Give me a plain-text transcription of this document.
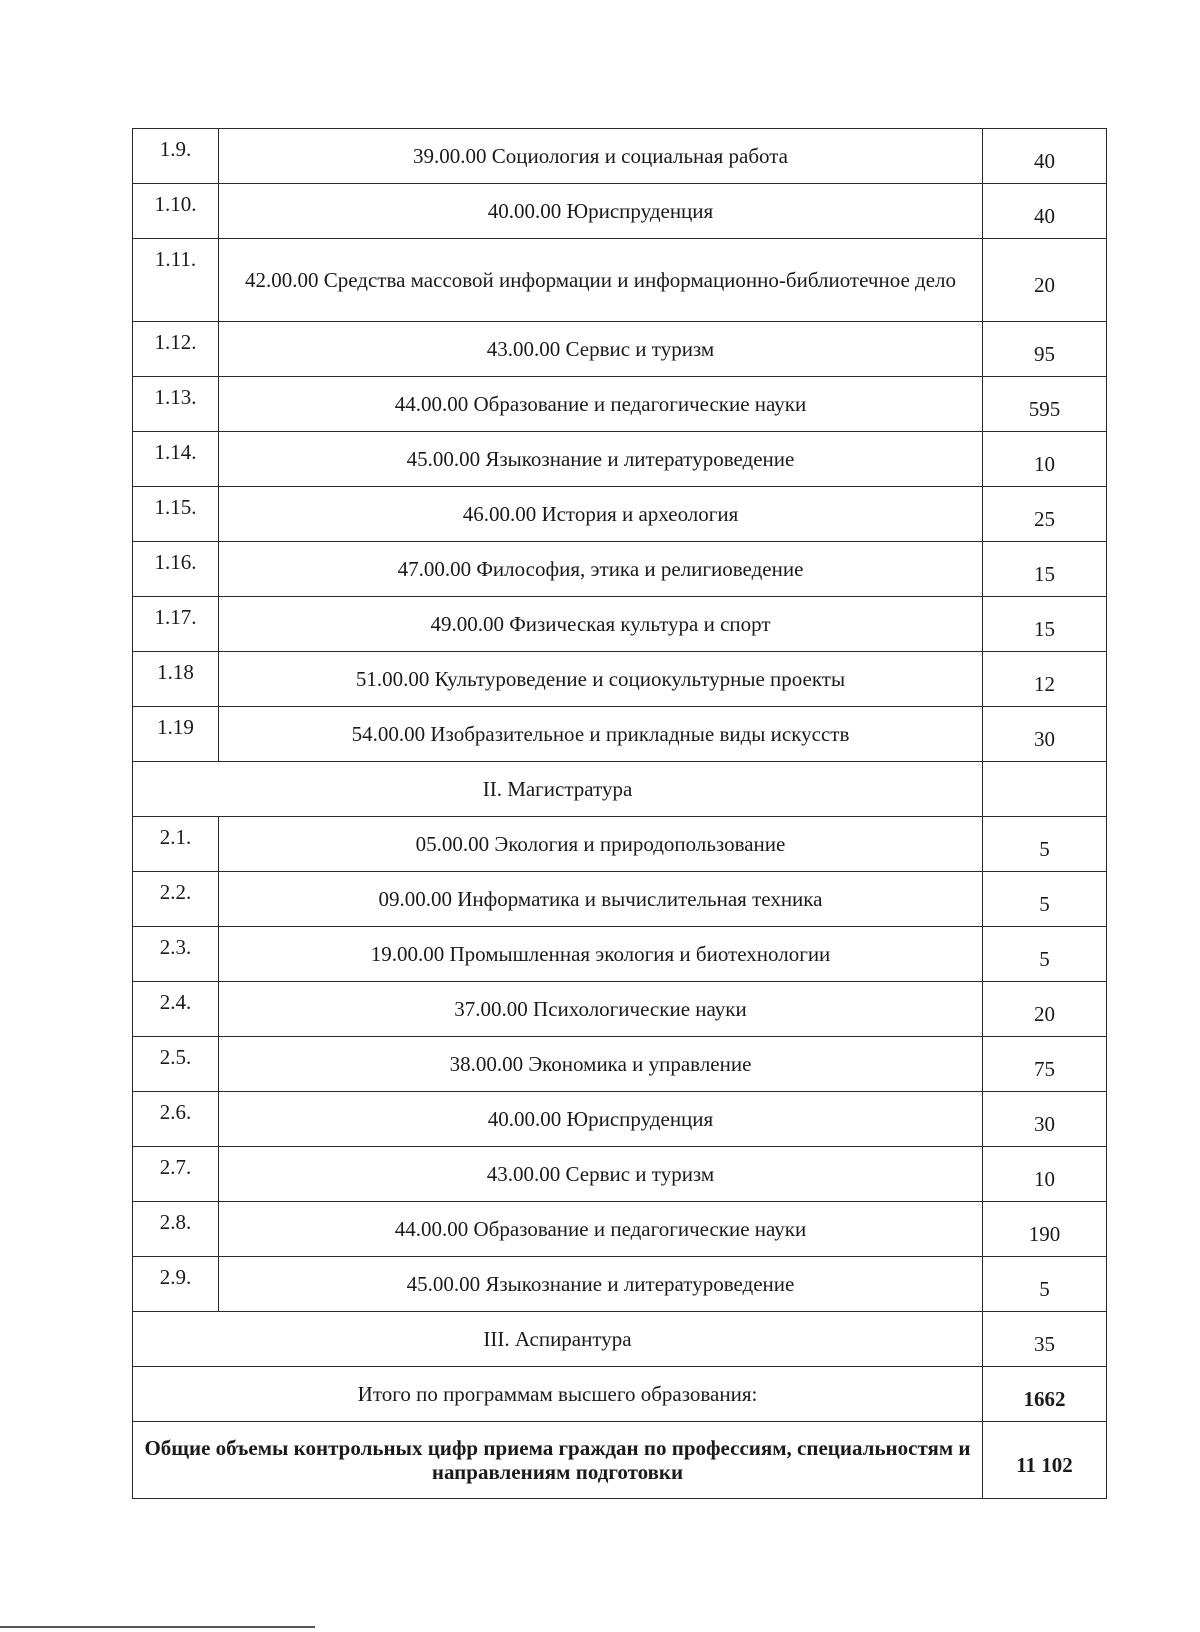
1.9.	39.00.00 Социология и социальная работа	40
1.10.	40.00.00 Юриспруденция	40
1.11.	42.00.00 Средства массовой информации и информационно-библиотечное дело	20
1.12.	43.00.00 Сервис и туризм	95
1.13.	44.00.00 Образование и педагогические науки	595
1.14.	45.00.00 Языкознание и литературоведение	10
1.15.	46.00.00 История и археология	25
1.16.	47.00.00 Философия, этика и религиоведение	15
1.17.	49.00.00 Физическая культура и спорт	15
1.18	51.00.00 Культуроведение и социокультурные проекты	12
1.19	54.00.00 Изобразительное и прикладные виды искусств	30
II. Магистратура		
2.1.	05.00.00 Экология и природопользование	5
2.2.	09.00.00 Информатика и вычислительная техника	5
2.3.	19.00.00 Промышленная экология и биотехнологии	5
2.4.	37.00.00 Психологические науки	20
2.5.	38.00.00 Экономика и управление	75
2.6.	40.00.00 Юриспруденция	30
2.7.	43.00.00 Сервис и туризм	10
2.8.	44.00.00 Образование и педагогические науки	190
2.9.	45.00.00 Языкознание и литературоведение	5
III. Аспирантура		35
Итого по программам высшего образования:		1662
Общие объемы контрольных цифр приема граждан по профессиям, специальностям и направлениям подготовки		11 102
